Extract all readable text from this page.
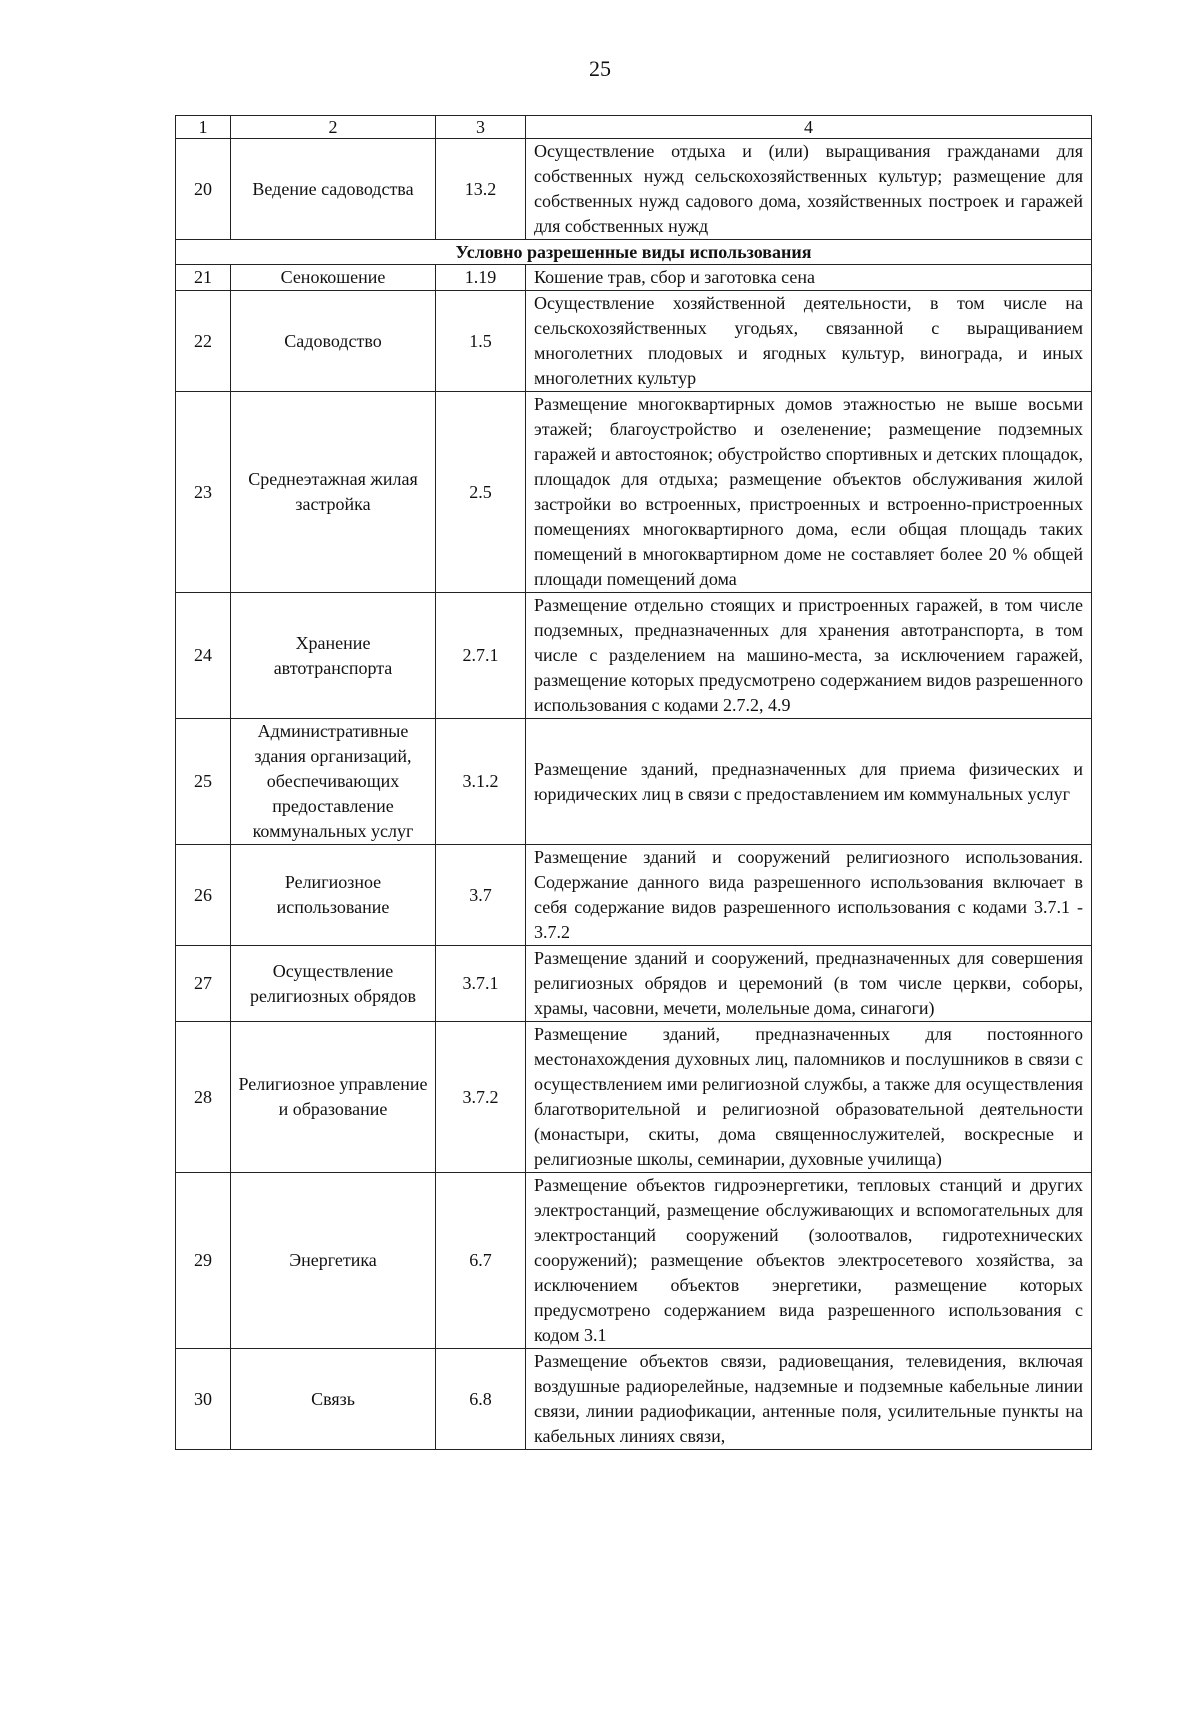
25
1	2	3	4
20	Ведение садоводства	13.2	Осуществление отдыха и (или) выращивания гражданами для собственных нужд сельскохозяйственных культур; размещение для собственных нужд садового дома, хозяйственных построек и гаражей для собственных нужд
Условно разрешенные виды использования			
21	Сенокошение	1.19	Кошение трав, сбор и заготовка сена
22	Садоводство	1.5	Осуществление хозяйственной деятельности, в том числе на сельскохозяйственных угодьях, связанной с выращиванием многолетних плодовых и ягодных культур, винограда, и иных многолетних культур
23	Среднеэтажная жилая застройка	2.5	Размещение многоквартирных домов этажностью не выше восьми этажей; благоустройство и озеленение; размещение подземных гаражей и автостоянок; обустройство спортивных и детских площадок, площадок для отдыха; размещение объектов обслуживания жилой застройки во встроенных, пристроенных и встроенно-пристроенных помещениях многоквартирного дома, если общая площадь таких помещений в многоквартирном доме не составляет более 20 % общей площади помещений дома
24	Хранение автотранспорта	2.7.1	Размещение отдельно стоящих и пристроенных гаражей, в том числе подземных, предназначенных для хранения автотранспорта, в том числе с разделением на машино-места, за исключением гаражей, размещение которых предусмотрено содержанием видов разрешенного использования с кодами 2.7.2, 4.9
25	Административные здания организаций, обеспечивающих предоставление коммунальных услуг	3.1.2	Размещение зданий, предназначенных для приема физических и юридических лиц в связи с предоставлением им коммунальных услуг
26	Религиозное использование	3.7	Размещение зданий и сооружений религиозного использования. Содержание данного вида разрешенного использования включает в себя содержание видов разрешенного использования с кодами 3.7.1 - 3.7.2
27	Осуществление религиозных обрядов	3.7.1	Размещение зданий и сооружений, предназначенных для совершения религиозных обрядов и церемоний (в том числе церкви, соборы, храмы, часовни, мечети, молельные дома, синагоги)
28	Религиозное управление и образование	3.7.2	Размещение зданий, предназначенных для постоянного местонахождения духовных лиц, паломников и послушников в связи с осуществлением ими религиозной службы, а также для осуществления благотворительной и религиозной образовательной деятельности (монастыри, скиты, дома священнослужителей, воскресные и религиозные школы, семинарии, духовные училища)
29	Энергетика	6.7	Размещение объектов гидроэнергетики, тепловых станций и других электростанций, размещение обслуживающих и вспомогательных для электростанций сооружений (золоотвалов, гидротехнических сооружений); размещение объектов электросетевого хозяйства, за исключением объектов энергетики, размещение которых предусмотрено содержанием вида разрешенного использования с кодом 3.1
30	Связь	6.8	Размещение объектов связи, радиовещания, телевидения, включая воздушные радиорелейные, надземные и подземные кабельные линии связи, линии радиофикации, антенные поля, усилительные пункты на кабельных линиях связи,
